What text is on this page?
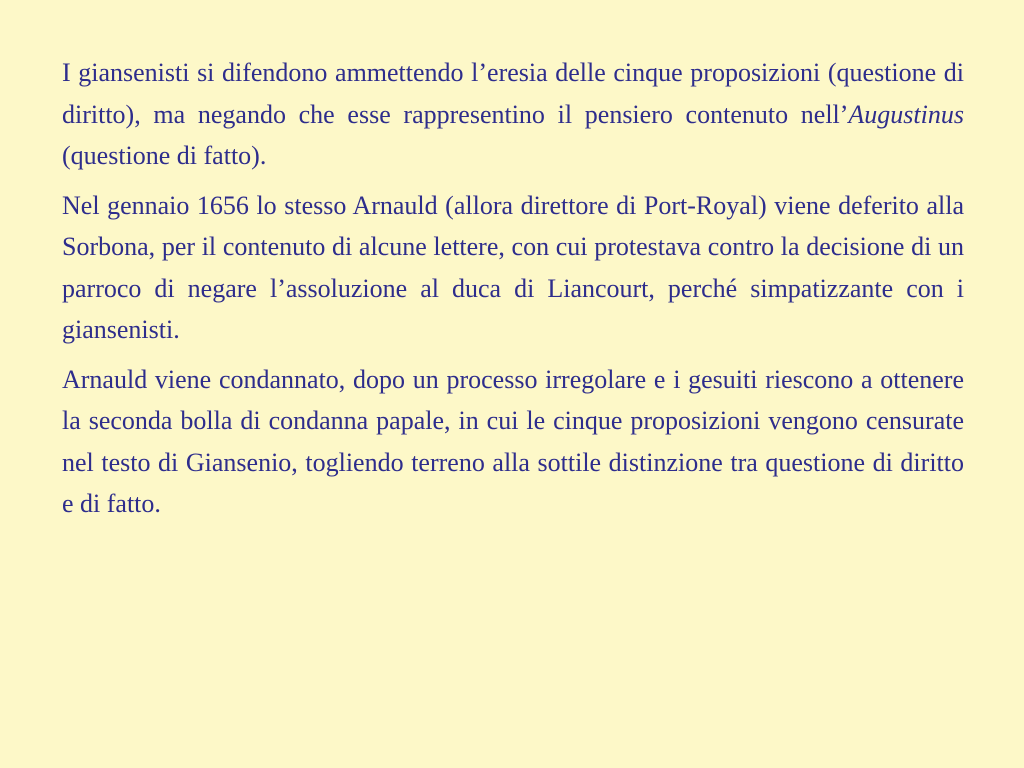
I giansenisti si difendono ammettendo l’eresia delle cinque proposizioni (questione di diritto), ma negando che esse rappresentino il pensiero contenuto nell’Augustinus (questione di fatto).

Nel gennaio 1656 lo stesso Arnauld (allora direttore di Port-Royal) viene deferito alla Sorbona, per il contenuto di alcune lettere, con cui protestava contro la decisione di un parroco di negare l’assoluzione al duca di Liancourt, perché simpatizzante con i giansenisti.

Arnauld viene condannato, dopo un processo irregolare e i gesuiti riescono a ottenere la seconda bolla di condanna papale, in cui le cinque proposizioni vengono censurate nel testo di Giansenio, togliendo terreno alla sottile distinzione tra questione di diritto e di fatto.
